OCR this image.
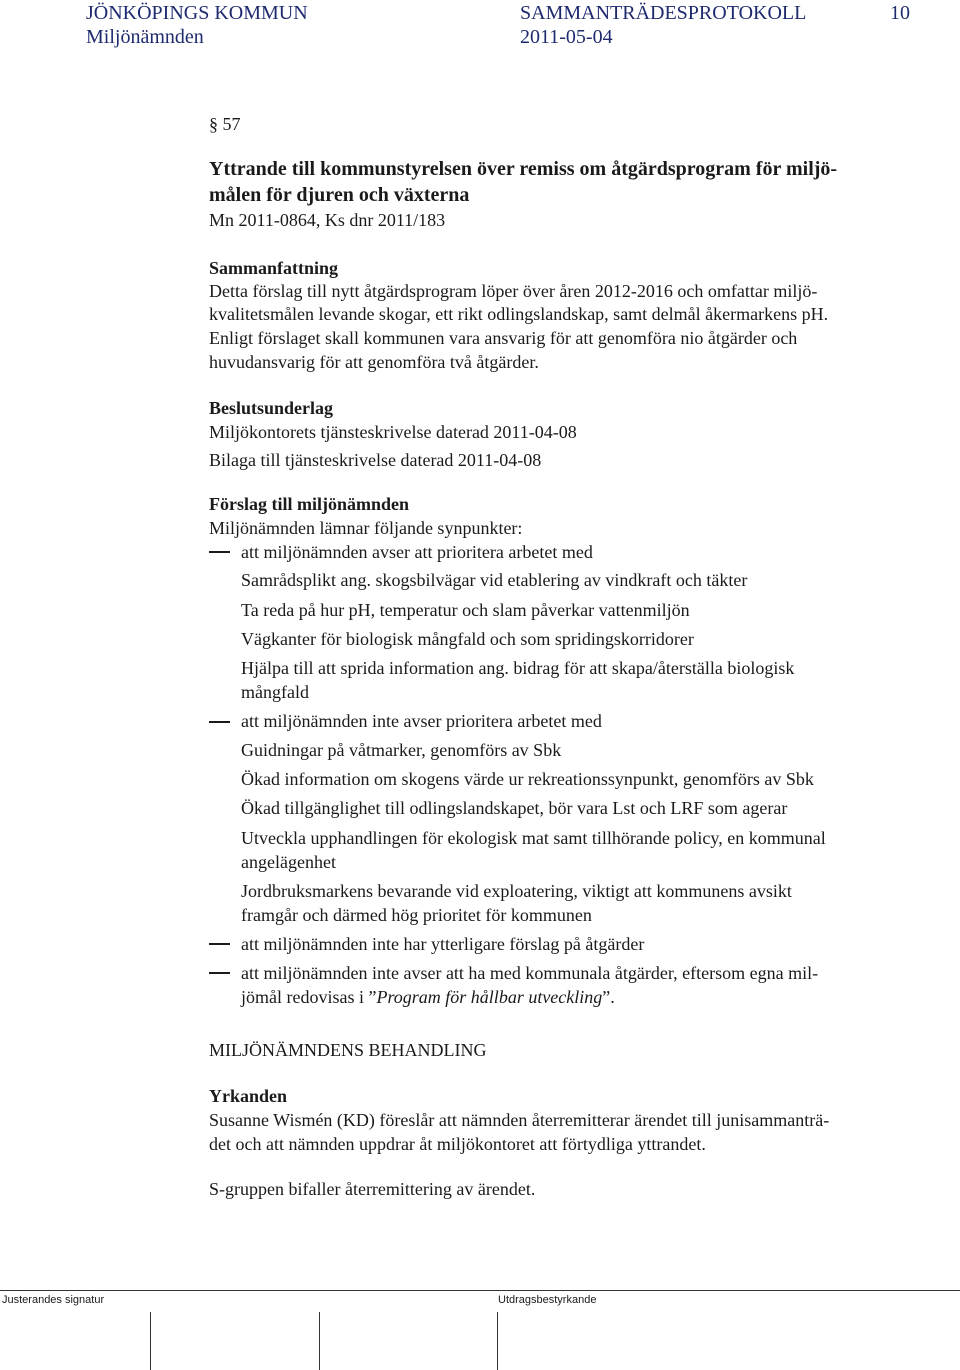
JÖNKÖPINGS KOMMUN	SAMMANTRÄDESPROTOKOLL	10
Miljönämnden	2011-05-04
§ 57
Yttrande till kommunstyrelsen över remiss om åtgärdsprogram för miljö-
målen för djuren och växterna
Mn 2011-0864, Ks dnr 2011/183
Sammanfattning
Detta förslag till nytt åtgärdsprogram löper över åren 2012-2016 och omfattar miljö-
kvalitetsmålen levande skogar, ett rikt odlingslandskap, samt delmål åkermarkens pH.
Enligt förslaget skall kommunen vara ansvarig för att genomföra nio åtgärder och
huvudansvarig för att genomföra två åtgärder.
Beslutsunderlag
Miljökontorets tjänsteskrivelse daterad 2011-04-08
Bilaga till tjänsteskrivelse daterad 2011-04-08
Förslag till miljönämnden
Miljönämnden lämnar följande synpunkter:
att miljönämnden avser att prioritera arbetet med
Samrådsplikt ang. skogsbilvägar vid etablering av vindkraft och täkter
Ta reda på hur pH, temperatur och slam påverkar vattenmiljön
Vägkanter för biologisk mångfald och som spridingskorridorer
Hjälpa till att sprida information ang. bidrag för att skapa/återställa biologisk
mångfald
att miljönämnden inte avser prioritera arbetet med
Guidningar på våtmarker, genomförs av Sbk
Ökad information om skogens värde ur rekreationssynpunkt, genomförs av Sbk
Ökad tillgänglighet till odlingslandskapet, bör vara Lst och LRF som agerar
Utveckla upphandlingen för ekologisk mat samt tillhörande policy, en kommunal
angelägenhet
Jordbruksmarkens bevarande vid exploatering, viktigt att kommunens avsikt
framgår och därmed hög prioritet för kommunen
att miljönämnden inte har ytterligare förslag på åtgärder
att miljönämnden inte avser att ha med kommunala åtgärder, eftersom egna mil-
jömål redovisas i ”Program för hållbar utveckling”.
MILJÖNÄMNDENS BEHANDLING
Yrkanden
Susanne Wismén (KD) föreslår att nämnden återremitterar ärendet till junisammanträ-
det och att nämnden uppdrar åt miljökontoret att förtydliga yttrandet.
S-gruppen bifaller återremittering av ärendet.
Justerandes signatur	Utdragsbestyrkande
